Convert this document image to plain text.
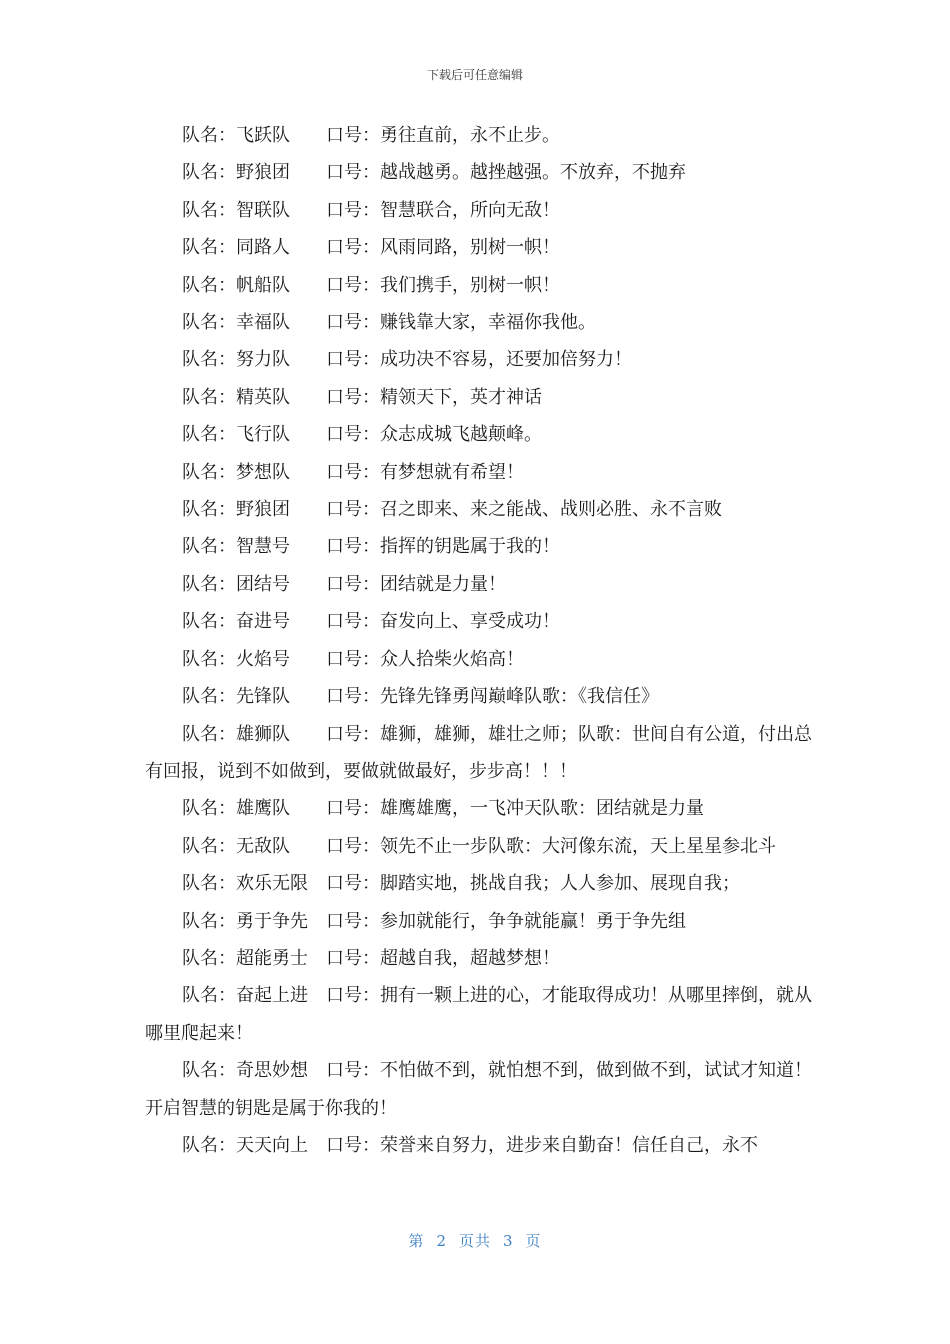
下载后可任意编辑

队名：飞跃队　　口号：勇往直前，永不止步。

队名：野狼团　　口号：越战越勇。越挫越强。不放弃，不抛弃

队名：智联队　　口号：智慧联合，所向无敌！

队名：同路人　　口号：风雨同路，别树一帜！

队名：帆船队　　口号：我们携手，别树一帜！

队名：幸福队　　口号：赚钱靠大家，幸福你我他。

队名：努力队　　口号：成功决不容易，还要加倍努力！

队名：精英队　　口号：精领天下，英才神话

队名：飞行队　　口号：众志成城飞越颠峰。

队名：梦想队　　口号：有梦想就有希望！

队名：野狼团　　口号：召之即来、来之能战、战则必胜、永不言败

队名：智慧号　　口号：指挥的钥匙属于我的！

队名：团结号　　口号：团结就是力量！

队名：奋进号　　口号：奋发向上、享受成功！

队名：火焰号　　口号：众人拾柴火焰高！

队名：先锋队　　口号：先锋先锋勇闯巅峰队歌：《我信任》

队名：雄狮队　　口号：雄狮，雄狮，雄壮之师；队歌：世间自有公道，付出总有回报，说到不如做到，要做就做最好，步步高！！！

队名：雄鹰队　　口号：雄鹰雄鹰，一飞冲天队歌：团结就是力量

队名：无敌队　　口号：领先不止一步队歌：大河像东流，天上星星参北斗

队名：欢乐无限　口号：脚踏实地，挑战自我；人人参加、展现自我；

队名：勇于争先　口号：参加就能行，争争就能赢！勇于争先组

队名：超能勇士　口号：超越自我，超越梦想！

队名：奋起上进　口号：拥有一颗上进的心，才能取得成功！从哪里摔倒，就从哪里爬起来！

队名：奇思妙想　口号：不怕做不到，就怕想不到，做到做不到，试试才知道！开启智慧的钥匙是属于你我的！

队名：天天向上　口号：荣誉来自努力，进步来自勤奋！信任自己，永不

第 2 页共 3 页
